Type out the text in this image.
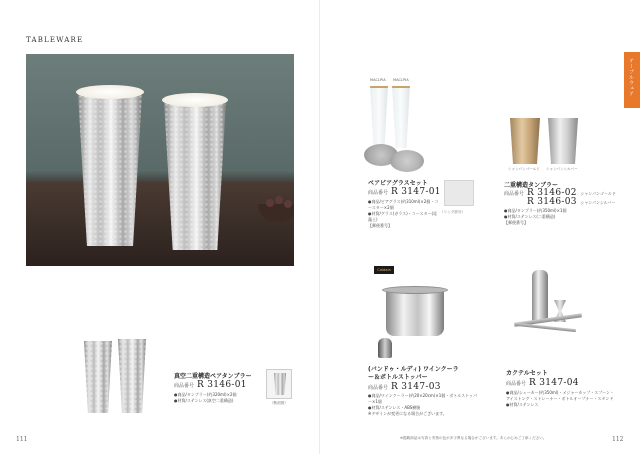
TABLEWARE
真空二重構造ペアタンブラー
商品番号 R 3146-01
●商品/タンブラー(約320ml)×2個
●材質/ステンレス(真空二重構造)	（断面図）
111
テーブルウェア
MACLPIA MACLPIA
ペアビアグラスセット
商品番号 R 3147-01
●商品/ビアグラス(約310ml)×2個・コースター×2個
●材質/グラス(ガラス)・コースター(珪藻土)
【郵便番号】
（リング部分）
シャンパンゴールド シャンパンシルバー
二重構造タンブラー
商品番号 R 3146-02 シャンパンゴールド
R 3146-03 シャンパンシルバー
●商品/タンブラー(約350ml)×1個
●材質/ステンレス(二重構造)
【郵便番号】
Caldaia
(バンドゥ・ルディ) ワインクーラー＆ボトルストッパー
商品番号 R 3147-03
●商品/ワインクーラー(約20×20cm)×1個・ボトルストッパー×1個
●材質/ステンレス・ABS樹脂
※デザインが変更になる場合がございます。
カクテルセット
商品番号 R 3147-04
●商品/シェーカー(約350ml)・メジャーカップ・スプーン・
アイストング・ストレーナー・ボトルオープナー・スタンド
●材質/ステンレス
※掲載商品は写真と実物の色が多少異なる場合がございます。あらかじめご了承ください。	112
